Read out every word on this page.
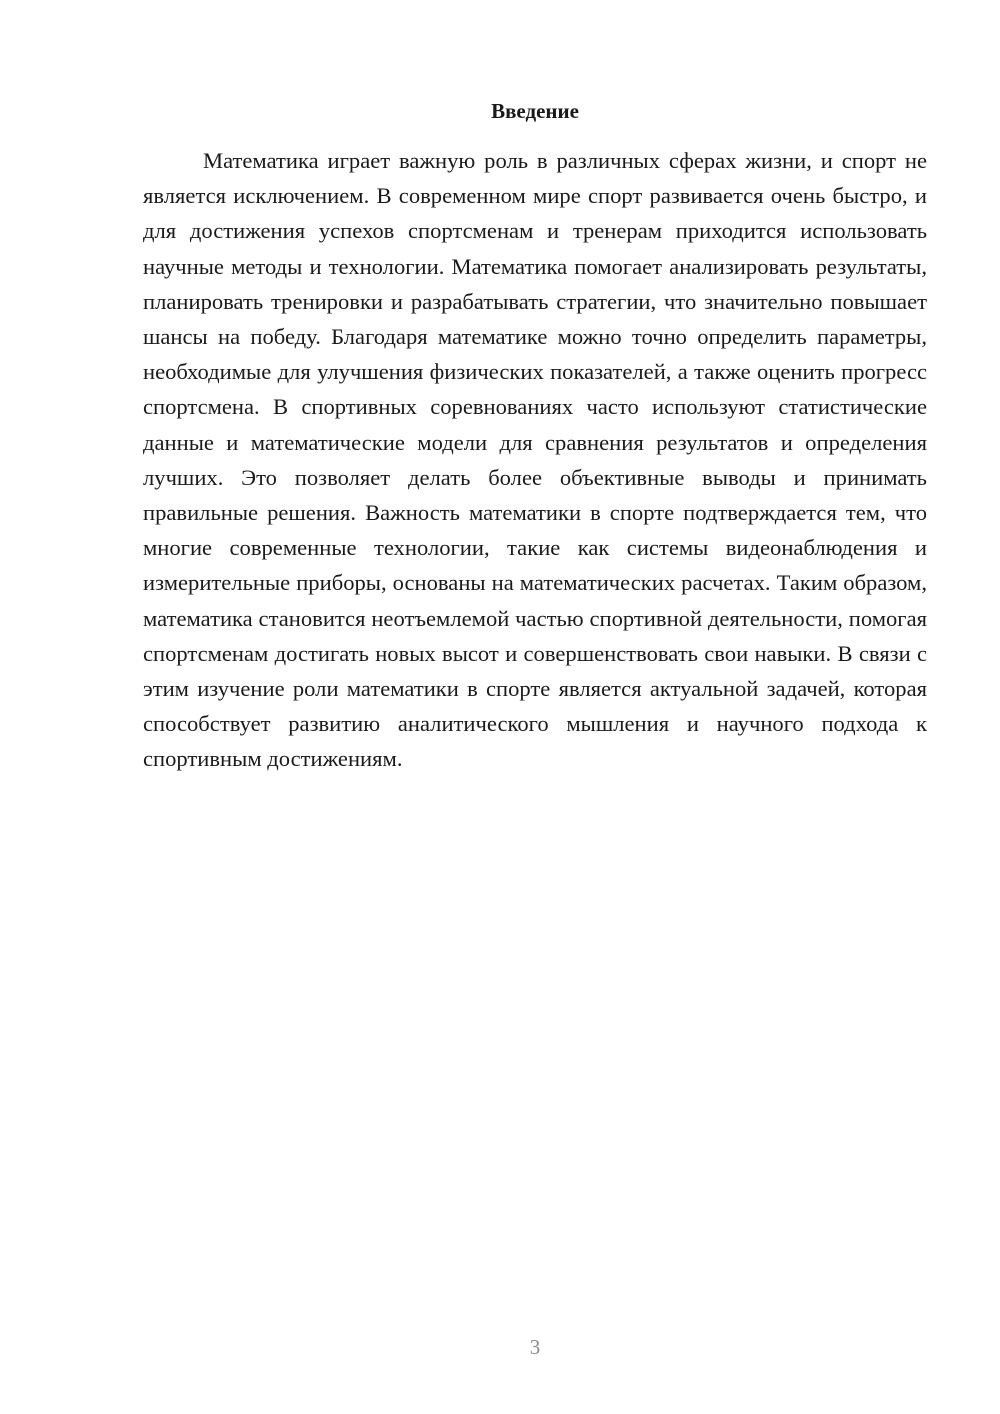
Введение

Математика играет важную роль в различных сферах жизни, и спорт не является исключением. В современном мире спорт развивается очень быстро, и для достижения успехов спортсменам и тренерам приходится использовать научные методы и технологии. Математика помогает анализировать результаты, планировать тренировки и разрабатывать стратегии, что значительно повышает шансы на победу. Благодаря математике можно точно определить параметры, необходимые для улучшения физических показателей, а также оценить прогресс спортсмена. В спортивных соревнованиях часто используют статистические данные и математические модели для сравнения результатов и определения лучших. Это позволяет делать более объективные выводы и принимать правильные решения. Важность математики в спорте подтверждается тем, что многие современные технологии, такие как системы видеонаблюдения и измерительные приборы, основаны на математических расчетах. Таким образом, математика становится неотъемлемой частью спортивной деятельности, помогая спортсменам достигать новых высот и совершенствовать свои навыки. В связи с этим изучение роли математики в спорте является актуальной задачей, которая способствует развитию аналитического мышления и научного подхода к спортивным достижениям.

3
